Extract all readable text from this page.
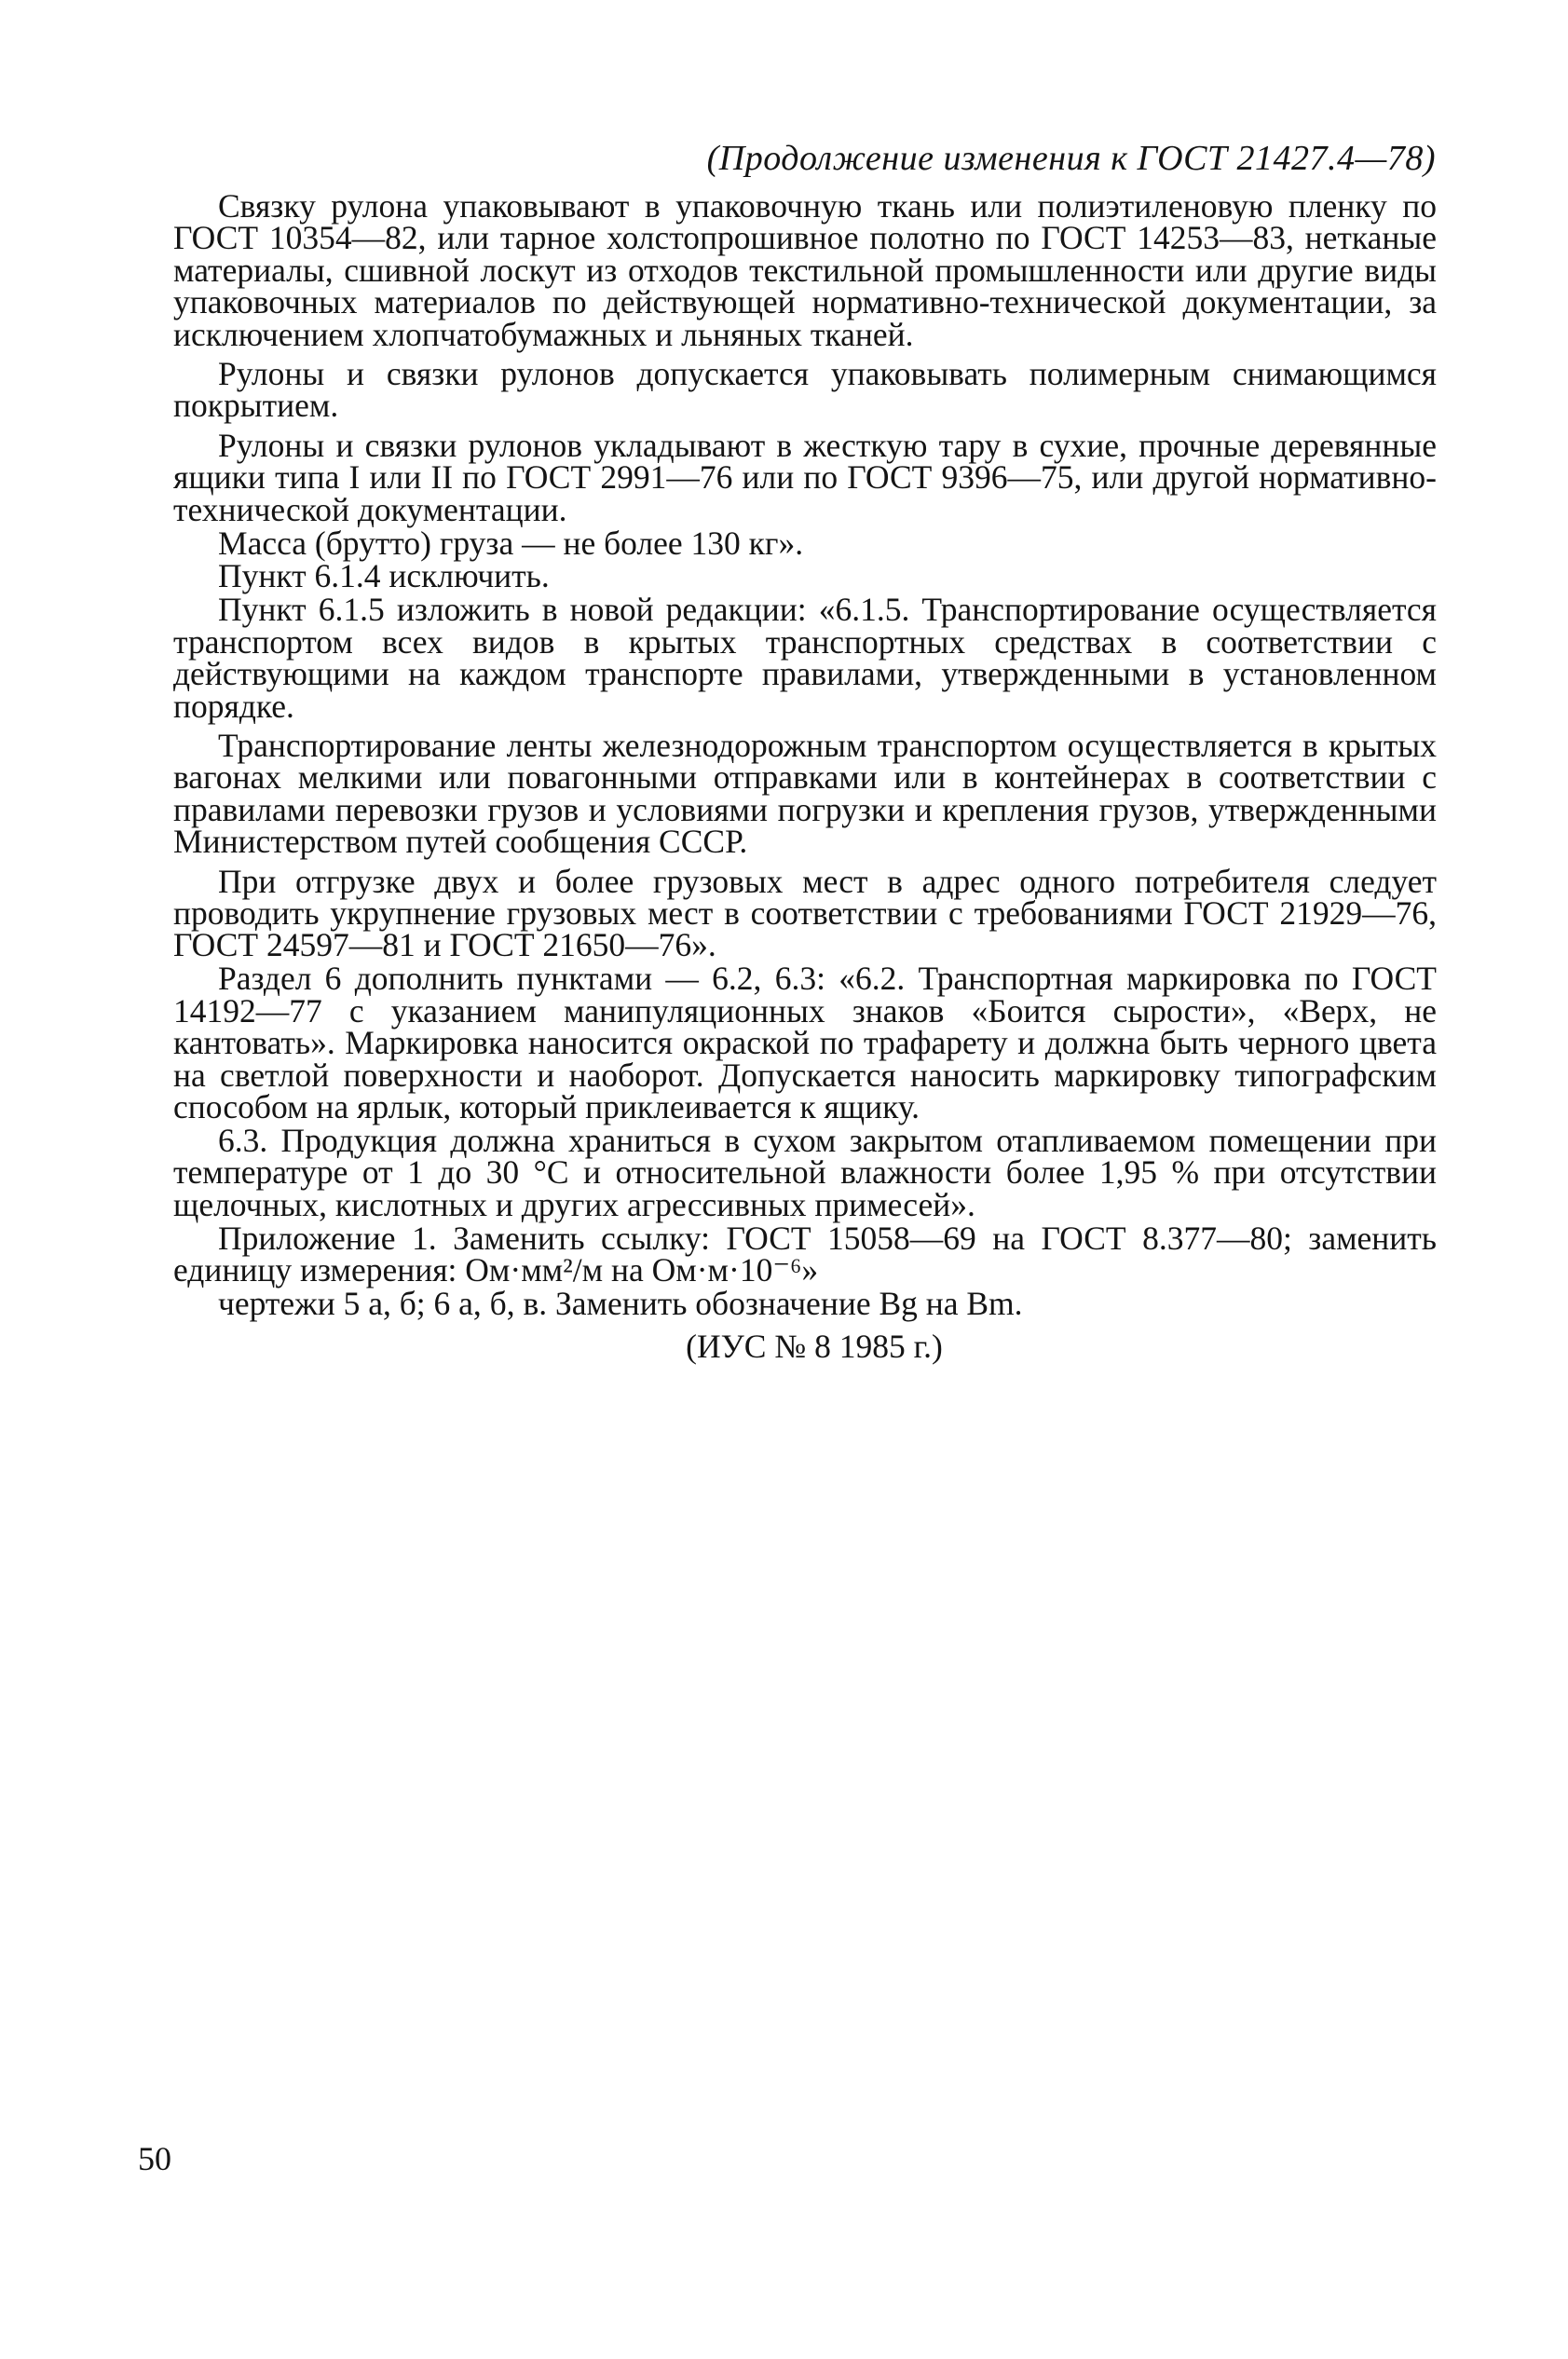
(Продолжение изменения к ГОСТ 21427.4—78)

Связку рулона упаковывают в упаковочную ткань или полиэтиленовую пленку по ГОСТ 10354—82, или тарное холстопрошивное полотно по ГОСТ 14253—83, нетканые материалы, сшивной лоскут из отходов текстильной промышленности или другие виды упаковочных материалов по действующей нормативно-технической документации, за исключением хлопчатобумажных и льняных тканей.

Рулоны и связки рулонов допускается упаковывать полимерным снимающимся покрытием.

Рулоны и связки рулонов укладывают в жесткую тару в сухие, прочные деревянные ящики типа I или II по ГОСТ 2991—76 или по ГОСТ 9396—75, или другой нормативно-технической документации.

Масса (брутто) груза — не более 130 кг».

Пункт 6.1.4 исключить.

Пункт 6.1.5 изложить в новой редакции: «6.1.5. Транспортирование осуществляется транспортом всех видов в крытых транспортных средствах в соответствии с действующими на каждом транспорте правилами, утвержденными в установленном порядке.

Транспортирование ленты железнодорожным транспортом осуществляется в крытых вагонах мелкими или повагонными отправками или в контейнерах в соответствии с правилами перевозки грузов и условиями погрузки и крепления грузов, утвержденными Министерством путей сообщения СССР.

При отгрузке двух и более грузовых мест в адрес одного потребителя следует проводить укрупнение грузовых мест в соответствии с требованиями ГОСТ 21929—76, ГОСТ 24597—81 и ГОСТ 21650—76».

Раздел 6 дополнить пунктами — 6.2, 6.3: «6.2. Транспортная маркировка по ГОСТ 14192—77 с указанием манипуляционных знаков «Боится сырости», «Верх, не кантовать». Маркировка наносится окраской по трафарету и должна быть черного цвета на светлой поверхности и наоборот. Допускается наносить маркировку типографским способом на ярлык, который приклеивается к ящику.

6.3. Продукция должна храниться в сухом закрытом отапливаемом помещении при температуре от 1 до 30 °С и относительной влажности более 1,95 % при отсутствии щелочных, кислотных и других агрессивных примесей».

Приложение 1. Заменить ссылку: ГОСТ 15058—69 на ГОСТ 8.377—80; заменить единицу измерения: Ом·мм²/м на Ом·м·10⁻⁶»

чертежи 5 а, б; 6 а, б, в. Заменить обозначение Bg на Bm.

(ИУС № 8 1985 г.)
50
